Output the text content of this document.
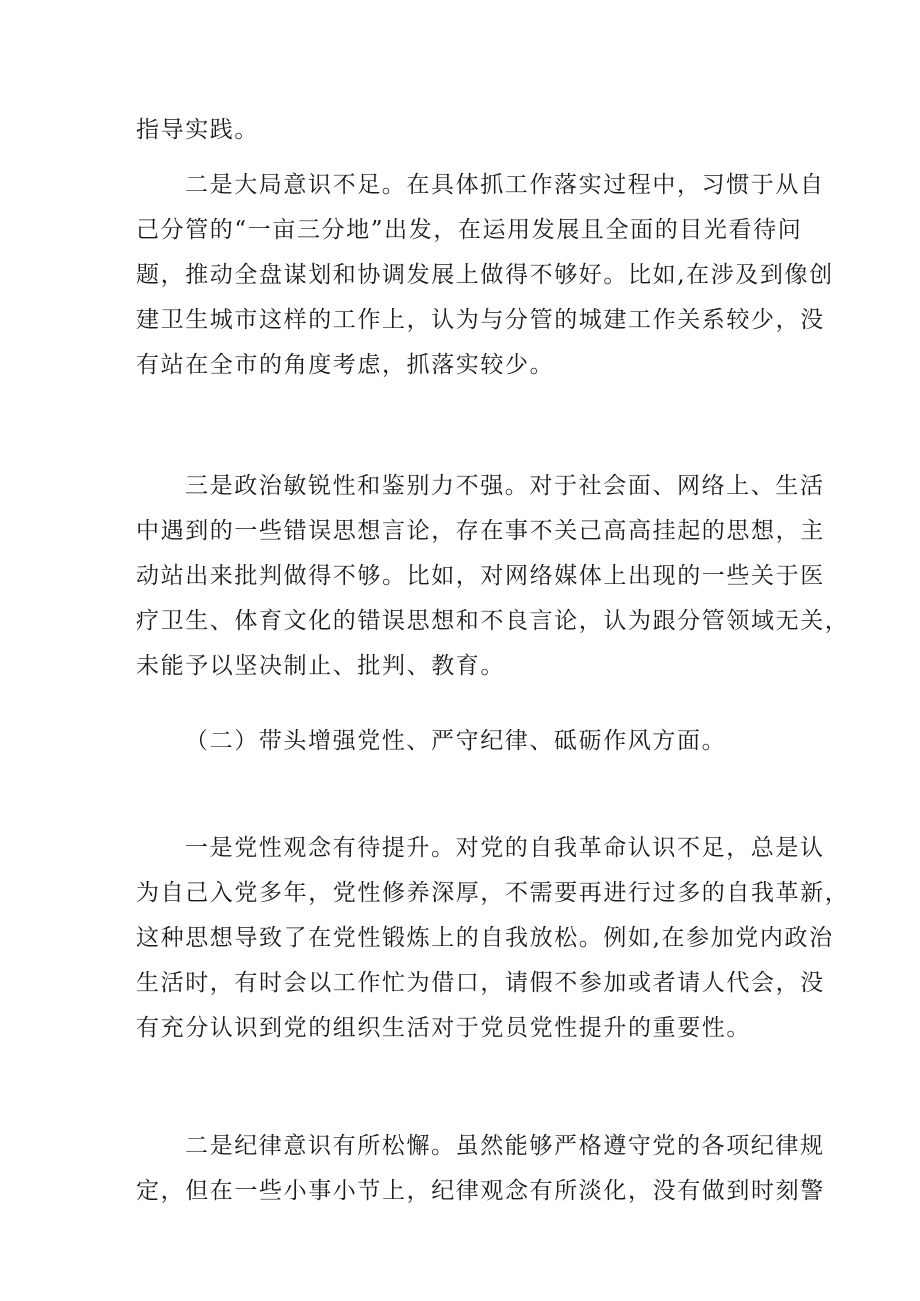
指导实践。
二是大局意识不足。在具体抓工作落实过程中，习惯于从自
己分管的“一亩三分地”出发，在运用发展且全面的目光看待问
题，推动全盘谋划和协调发展上做得不够好。比如,在涉及到像创
建卫生城市这样的工作上，认为与分管的城建工作关系较少，没
有站在全市的角度考虑，抓落实较少。
三是政治敏锐性和鉴别力不强。对于社会面、网络上、生活
中遇到的一些错误思想言论，存在事不关己高高挂起的思想，主
动站出来批判做得不够。比如，对网络媒体上出现的一些关于医
疗卫生、体育文化的错误思想和不良言论，认为跟分管领域无关，
未能予以坚决制止、批判、教育。
（二）带头增强党性、严守纪律、砥砺作风方面。
一是党性观念有待提升。对党的自我革命认识不足，总是认
为自己入党多年，党性修养深厚，不需要再进行过多的自我革新，
这种思想导致了在党性锻炼上的自我放松。例如,在参加党内政治
生活时，有时会以工作忙为借口，请假不参加或者请人代会，没
有充分认识到党的组织生活对于党员党性提升的重要性。
二是纪律意识有所松懈。虽然能够严格遵守党的各项纪律规
定，但在一些小事小节上，纪律观念有所淡化，没有做到时刻警
